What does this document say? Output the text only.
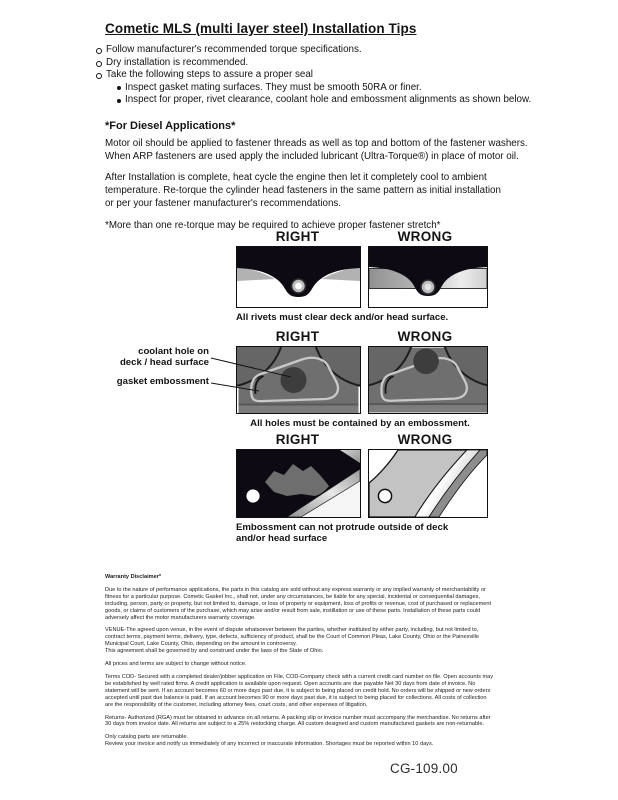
Cometic MLS (multi layer steel) Installation Tips
Follow manufacturer's recommended torque specifications.
Dry installation is recommended.
Take the following steps to assure a proper seal
Inspect gasket mating surfaces. They must be smooth 50RA or finer.
Inspect for proper, rivet clearance, coolant hole and embossment alignments as shown below.
*For Diesel Applications*
Motor oil should be applied to fastener threads as well as top and bottom of the fastener washers.
When ARP fasteners are used apply the included lubricant (Ultra-Torque®) in place of motor oil.
After Installation is complete, heat cycle the engine then let it completely cool to ambient
temperature. Re-torque the cylinder head fasteners in the same pattern as initial installation
or per your fastener manufacturer's recommendations.
*More than one re-torque may be required to achieve proper fastener stretch*
RIGHT	WRONG
All rivets must clear deck and/or head surface.
RIGHT	WRONG
All holes must be contained by an embossment.
coolant hole on
deck / head surface
gasket embossment
RIGHT	WRONG
Embossment can not protrude outside of deck
and/or head surface
Warranty Disclaimer*
Due to the nature of performance applications, the parts in this catalog are sold without any express warranty or any implied warranty of merchantability or
fitness for a particular purpose. Cometic Gasket Inc., shall not, under any circumstances, be liable for any special, incidental or consequential damages,
including, person, party or property, but not limited to, damage, or loss of property or equipment, loss of profits or revenue, cost of purchased or replacement
goods, or claims of customers of the purchase, which may arise and/or result from sale, instillation or use of these parts. Installation of these parts could
adversely affect the motor manufacturers warranty coverage.
VENUE-The agreed upon venue, in the event of dispute whatsoever between the parties, whether instituted by either party, including, but not limited to,
contract terms, payment terms, delivery, type, defects, sufficiency of product, shall be the Court of Common Pleas, Lake County, Ohio or the Painesville
Municipal Court, Lake County, Ohio, depending on the amount in controversy.
This agreement shall be governed by and construed under the laws of the State of Ohio.
All prices and terms are subject to change without notice.
Terms COD- Secured with a completed dealer/jobber application on File, COD-Company check with a current credit card number on file. Open accounts may
be established by well rated firms. A credit application is available upon request. Open accounts are due payable Net 30 days from date of invoice. No
statement will be sent. If an account becomes 60 or more days past due, it is subject to being placed on credit hold. No orders will be shipped or new orders
accepted until past due balance is paid. If an account becomes 90 or more days past due, it is subject to being placed for collections. All costs of collection
are the responsibility of the customer, including attorney fees, court costs, and other expenses of litigation.
Returns- Authorized (RGA) must be obtained in advance on all returns. A packing slip or invoice number must accompany the merchandise. No returns after
30 days from invoice date. All returns are subject to a 25% restocking charge. All custom designed and custom manufactured gaskets are non-returnable.
Only catalog parts are returnable.
Review your invoice and notify us immediately of any incorrect or inaccurate information. Shortages must be reported within 10 days.
CG-109.00
